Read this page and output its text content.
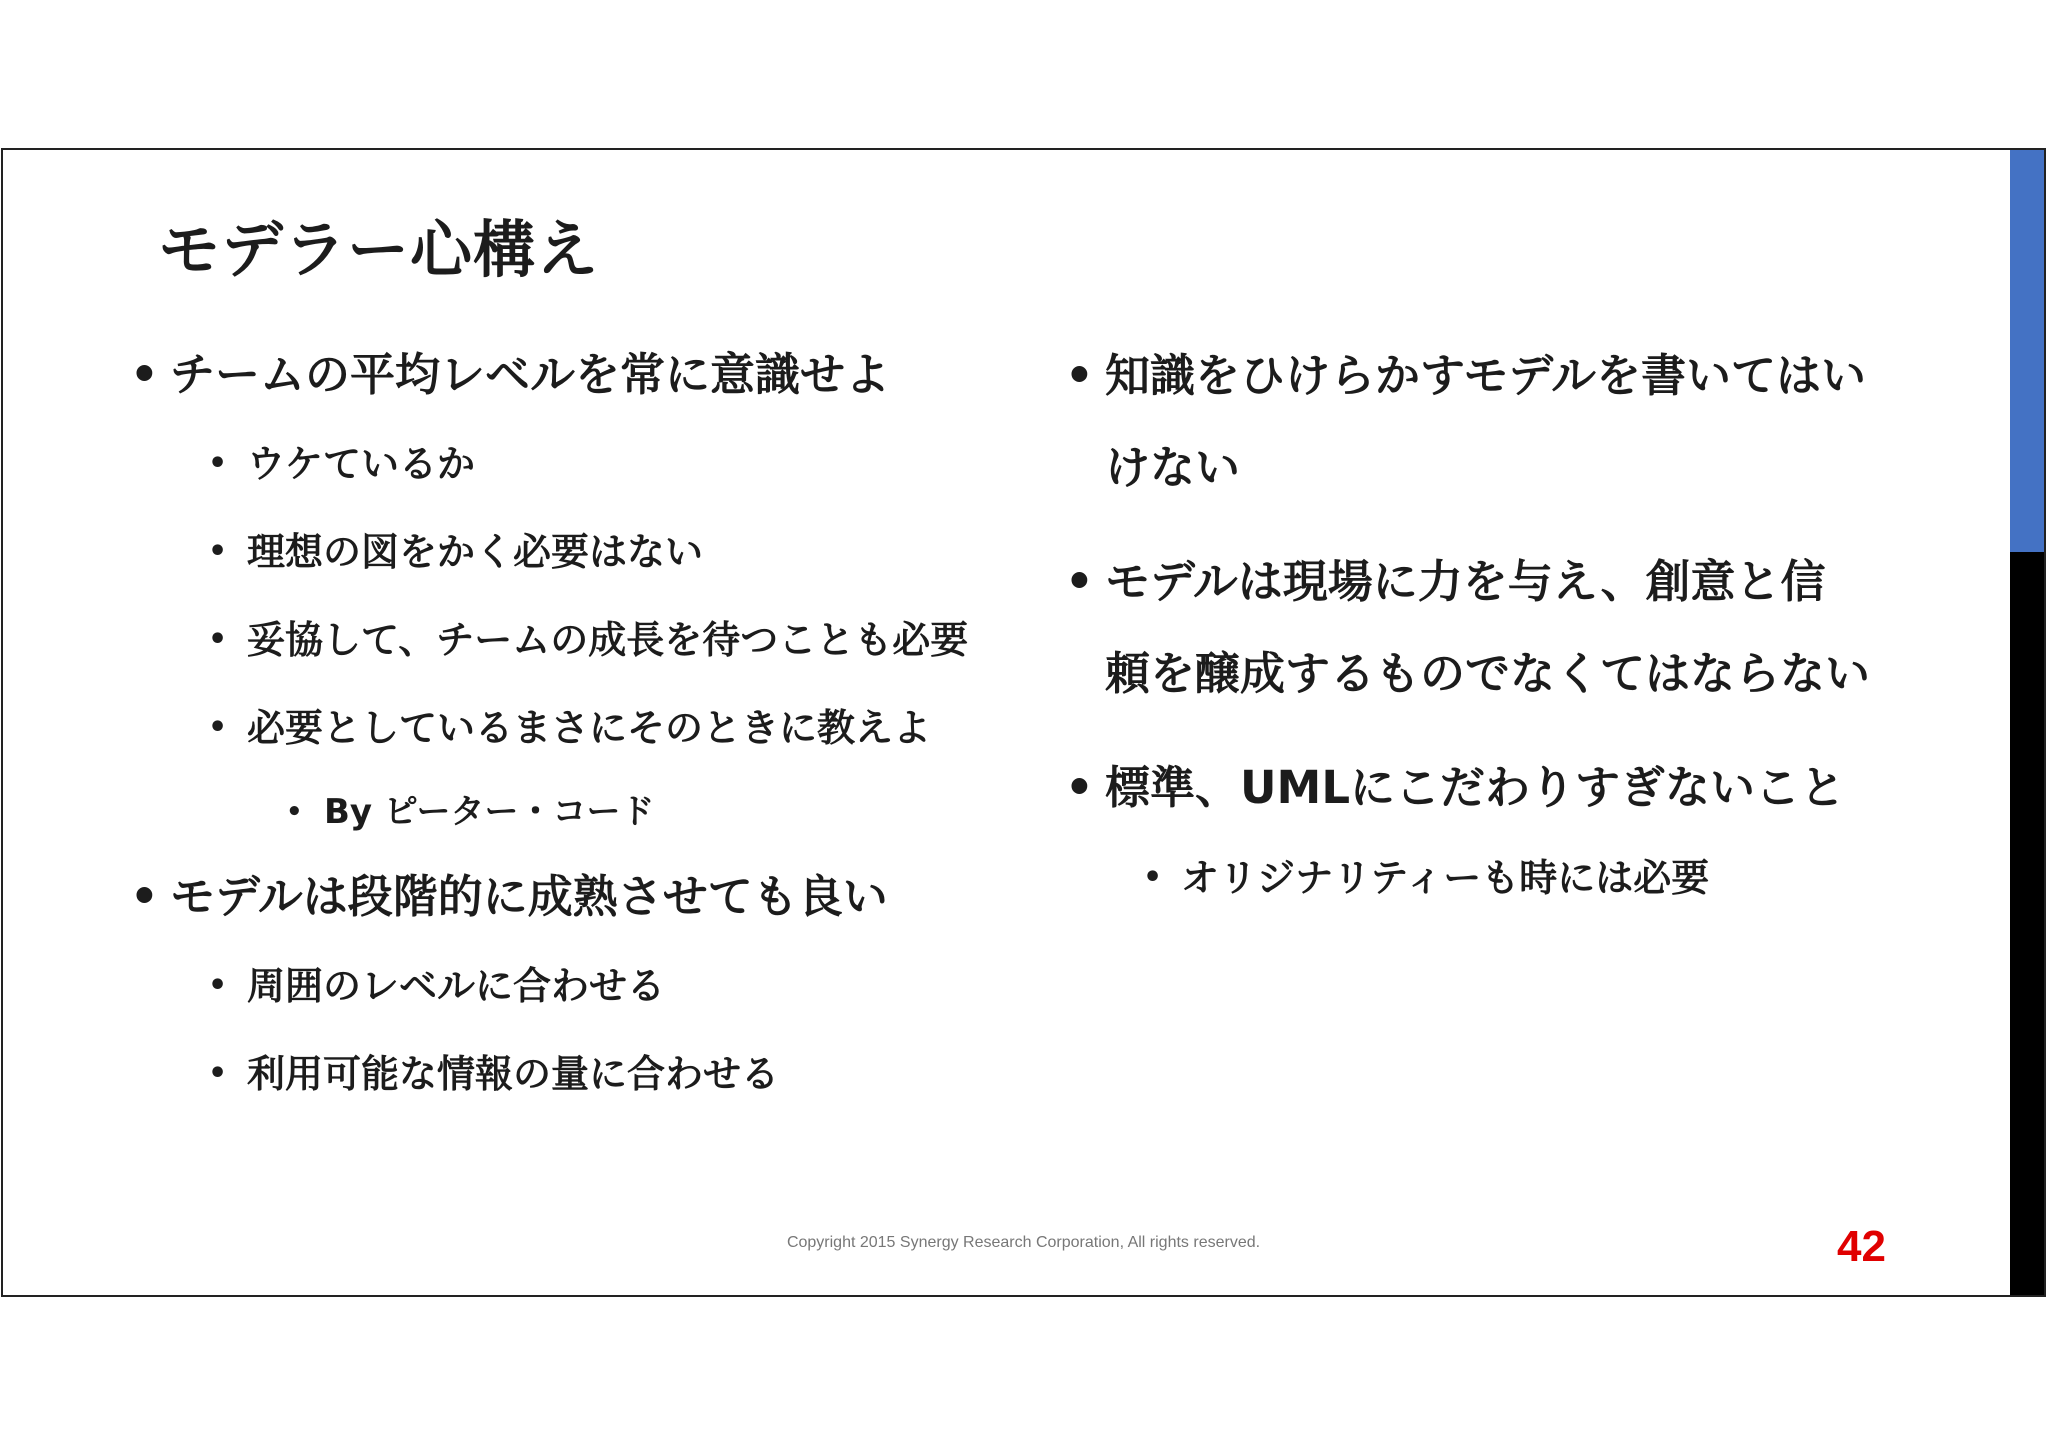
モデラー心構え
• チームの平均レベルを常に意識せよ
• ウケているか
• 理想の図をかく必要はない
• 妥協して、チームの成長を待つことも必要
• 必要としているまさにそのときに教えよ
• By ピーター・コード
• モデルは段階的に成熟させても良い
• 周囲のレベルに合わせる
• 利用可能な情報の量に合わせる
• 知識をひけらかすモデルを書いてはい
けない
• モデルは現場に力を与え、創意と信
頼を醸成するものでなくてはならない
• 標準、UMLにこだわりすぎないこと
• オリジナリティーも時には必要
Copyright 2015 Synergy Research Corporation, All rights reserved.	42
